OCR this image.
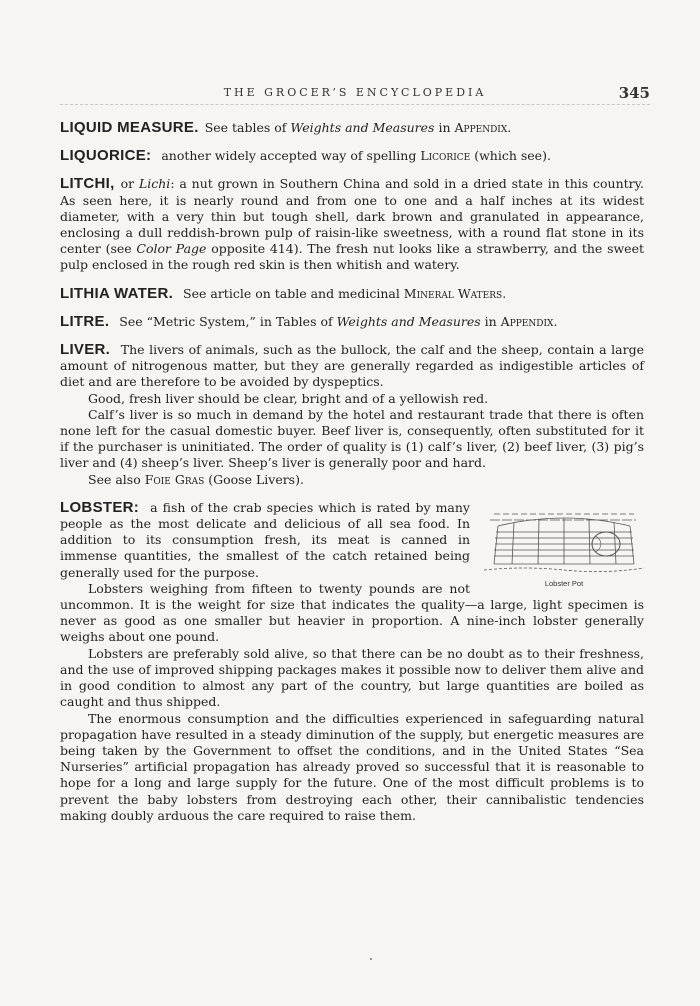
THE GROCER’S ENCYCLOPEDIA	345
LIQUID MEASURE. See tables of Weights and Measures in Appendix.
LIQUORICE: another widely accepted way of spelling Licorice (which see).
LITCHI, or Lichi: a nut grown in Southern China and sold in a dried state in this country. As seen here, it is nearly round and from one to one and a half inches at its widest diameter, with a very thin but tough shell, dark brown and granulated in appearance, enclosing a dull reddish-brown pulp of raisin-like sweetness, with a round flat stone in its center (see Color Page opposite 414). The fresh nut looks like a strawberry, and the sweet pulp enclosed in the rough red skin is then whitish and watery.
LITHIA WATER. See article on table and medicinal Mineral Waters.
LITRE. See “Metric System,” in Tables of Weights and Measures in Appendix.

LIVER. The livers of animals, such as the bullock, the calf and the sheep, contain a large amount of nitrogenous matter, but they are generally regarded as indigestible articles of diet and are therefore to be avoided by dyspeptics.

Good, fresh liver should be clear, bright and of a yellowish red.

Calf’s liver is so much in demand by the hotel and restaurant trade that there is often none left for the casual domestic buyer. Beef liver is, consequently, often substituted for it if the purchaser is uninitiated. The order of quality is (1) calf’s liver, (2) beef liver, (3) pig’s liver and (4) sheep’s liver. Sheep’s liver is generally poor and hard.

See also Foie Gras (Goose Livers).

Lobster Pot

LOBSTER: a fish of the crab species which is rated by many people as the most delicate and delicious of all sea food. In addition to its consumption fresh, its meat is canned in immense quantities, the smallest of the catch retained being generally used for the purpose.

Lobsters weighing from fifteen to twenty pounds are not uncommon. It is the weight for size that indicates the quality—a large, light specimen is never as good as one smaller but heavier in proportion. A nine-inch lobster generally weighs about one pound.

Lobsters are preferably sold alive, so that there can be no doubt as to their freshness, and the use of improved shipping packages makes it possible now to deliver them alive and in good condition to almost any part of the country, but large quantities are boiled as caught and thus shipped.

The enormous consumption and the difficulties experienced in safeguarding natural propagation have resulted in a steady diminution of the supply, but energetic measures are being taken by the Government to offset the conditions, and in the United States “Sea Nurseries” artificial propagation has already proved so successful that it is reasonable to hope for a long and large supply for the future. One of the most difficult problems is to prevent the baby lobsters from destroying each other, their cannibalistic tendencies making doubly arduous the care required to raise them.
